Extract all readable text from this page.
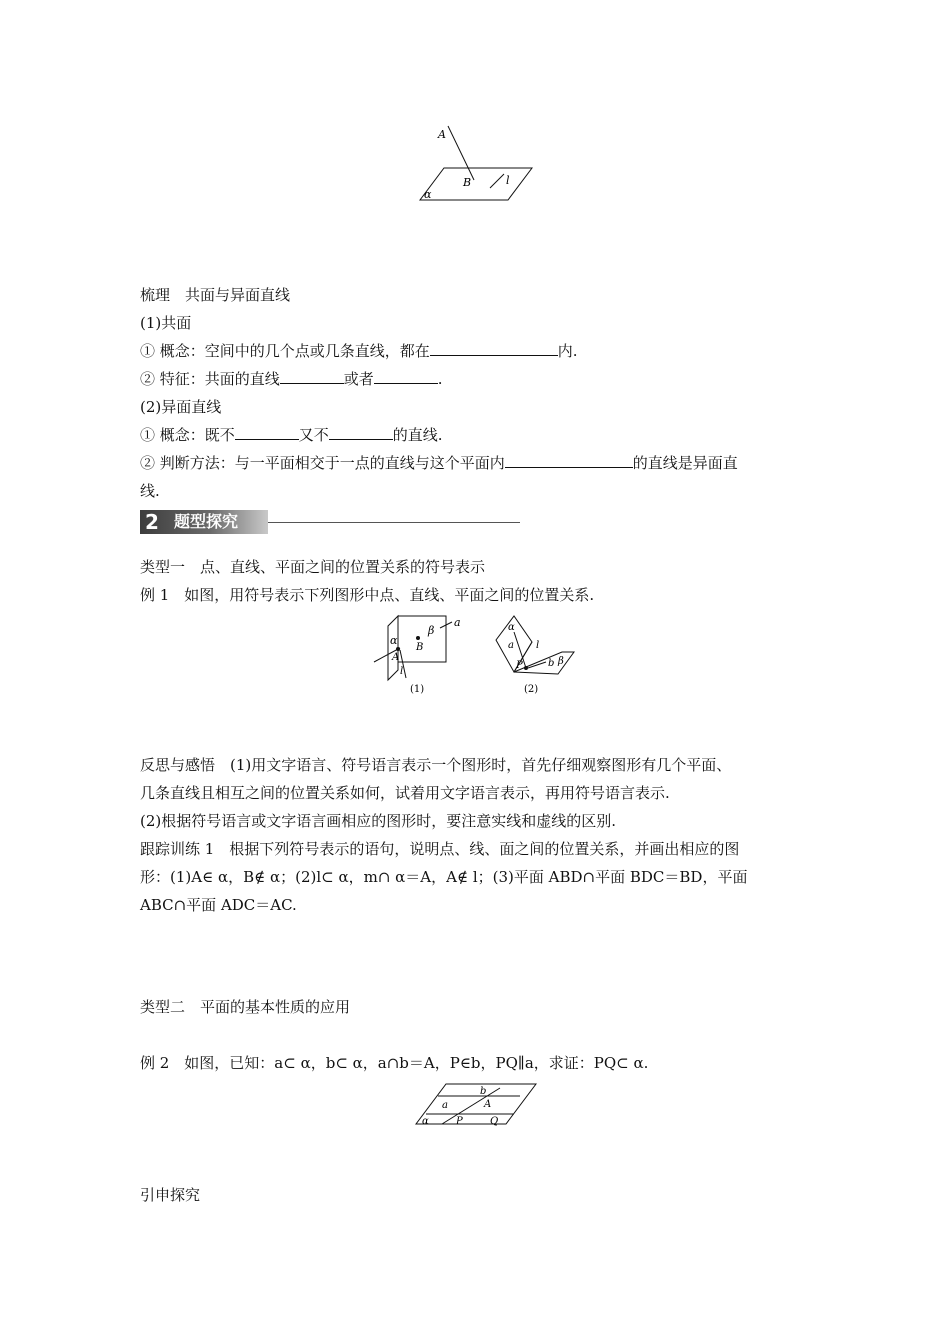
A
B	l
α
梳理　共面与异面直线
(1)共面
① 概念：空间中的几个点或几条直线，都在	内.
② 特征：共面的直线	或者	.
(2)异面直线
① 概念：既不	又不	的直线.
② 判断方法：与一平面相交于一点的直线与这个平面内	的直线是异面直
线.
2 题型探究
类型一　点、直线、平面之间的位置关系的符号表示
例 1　如图，用符号表示下列图形中点、直线、平面之间的位置关系.
α
β
a
A
B
l
(1)
α
a l
P	b β
(2)
反思与感悟　(1)用文字语言、符号语言表示一个图形时，首先仔细观察图形有几个平面、
几条直线且相互之间的位置关系如何，试着用文字语言表示，再用符号语言表示.
(2)根据符号语言或文字语言画相应的图形时，要注意实线和虚线的区别.
跟踪训练 1　根据下列符号表示的语句，说明点、线、面之间的位置关系，并画出相应的图
形：(1)A∈ α，B∉ α；(2)l⊂ α，m∩ α＝A，A∉ l；(3)平面 ABD∩平面 BDC＝BD，平面
ABC∩平面 ADC＝AC.
类型二　平面的基本性质的应用
例 2　如图，已知：a⊂ α，b⊂ α，a∩b＝A，P∈b，PQ∥a，求证：PQ⊂ α.
b
a	A
α	P	Q
引申探究
